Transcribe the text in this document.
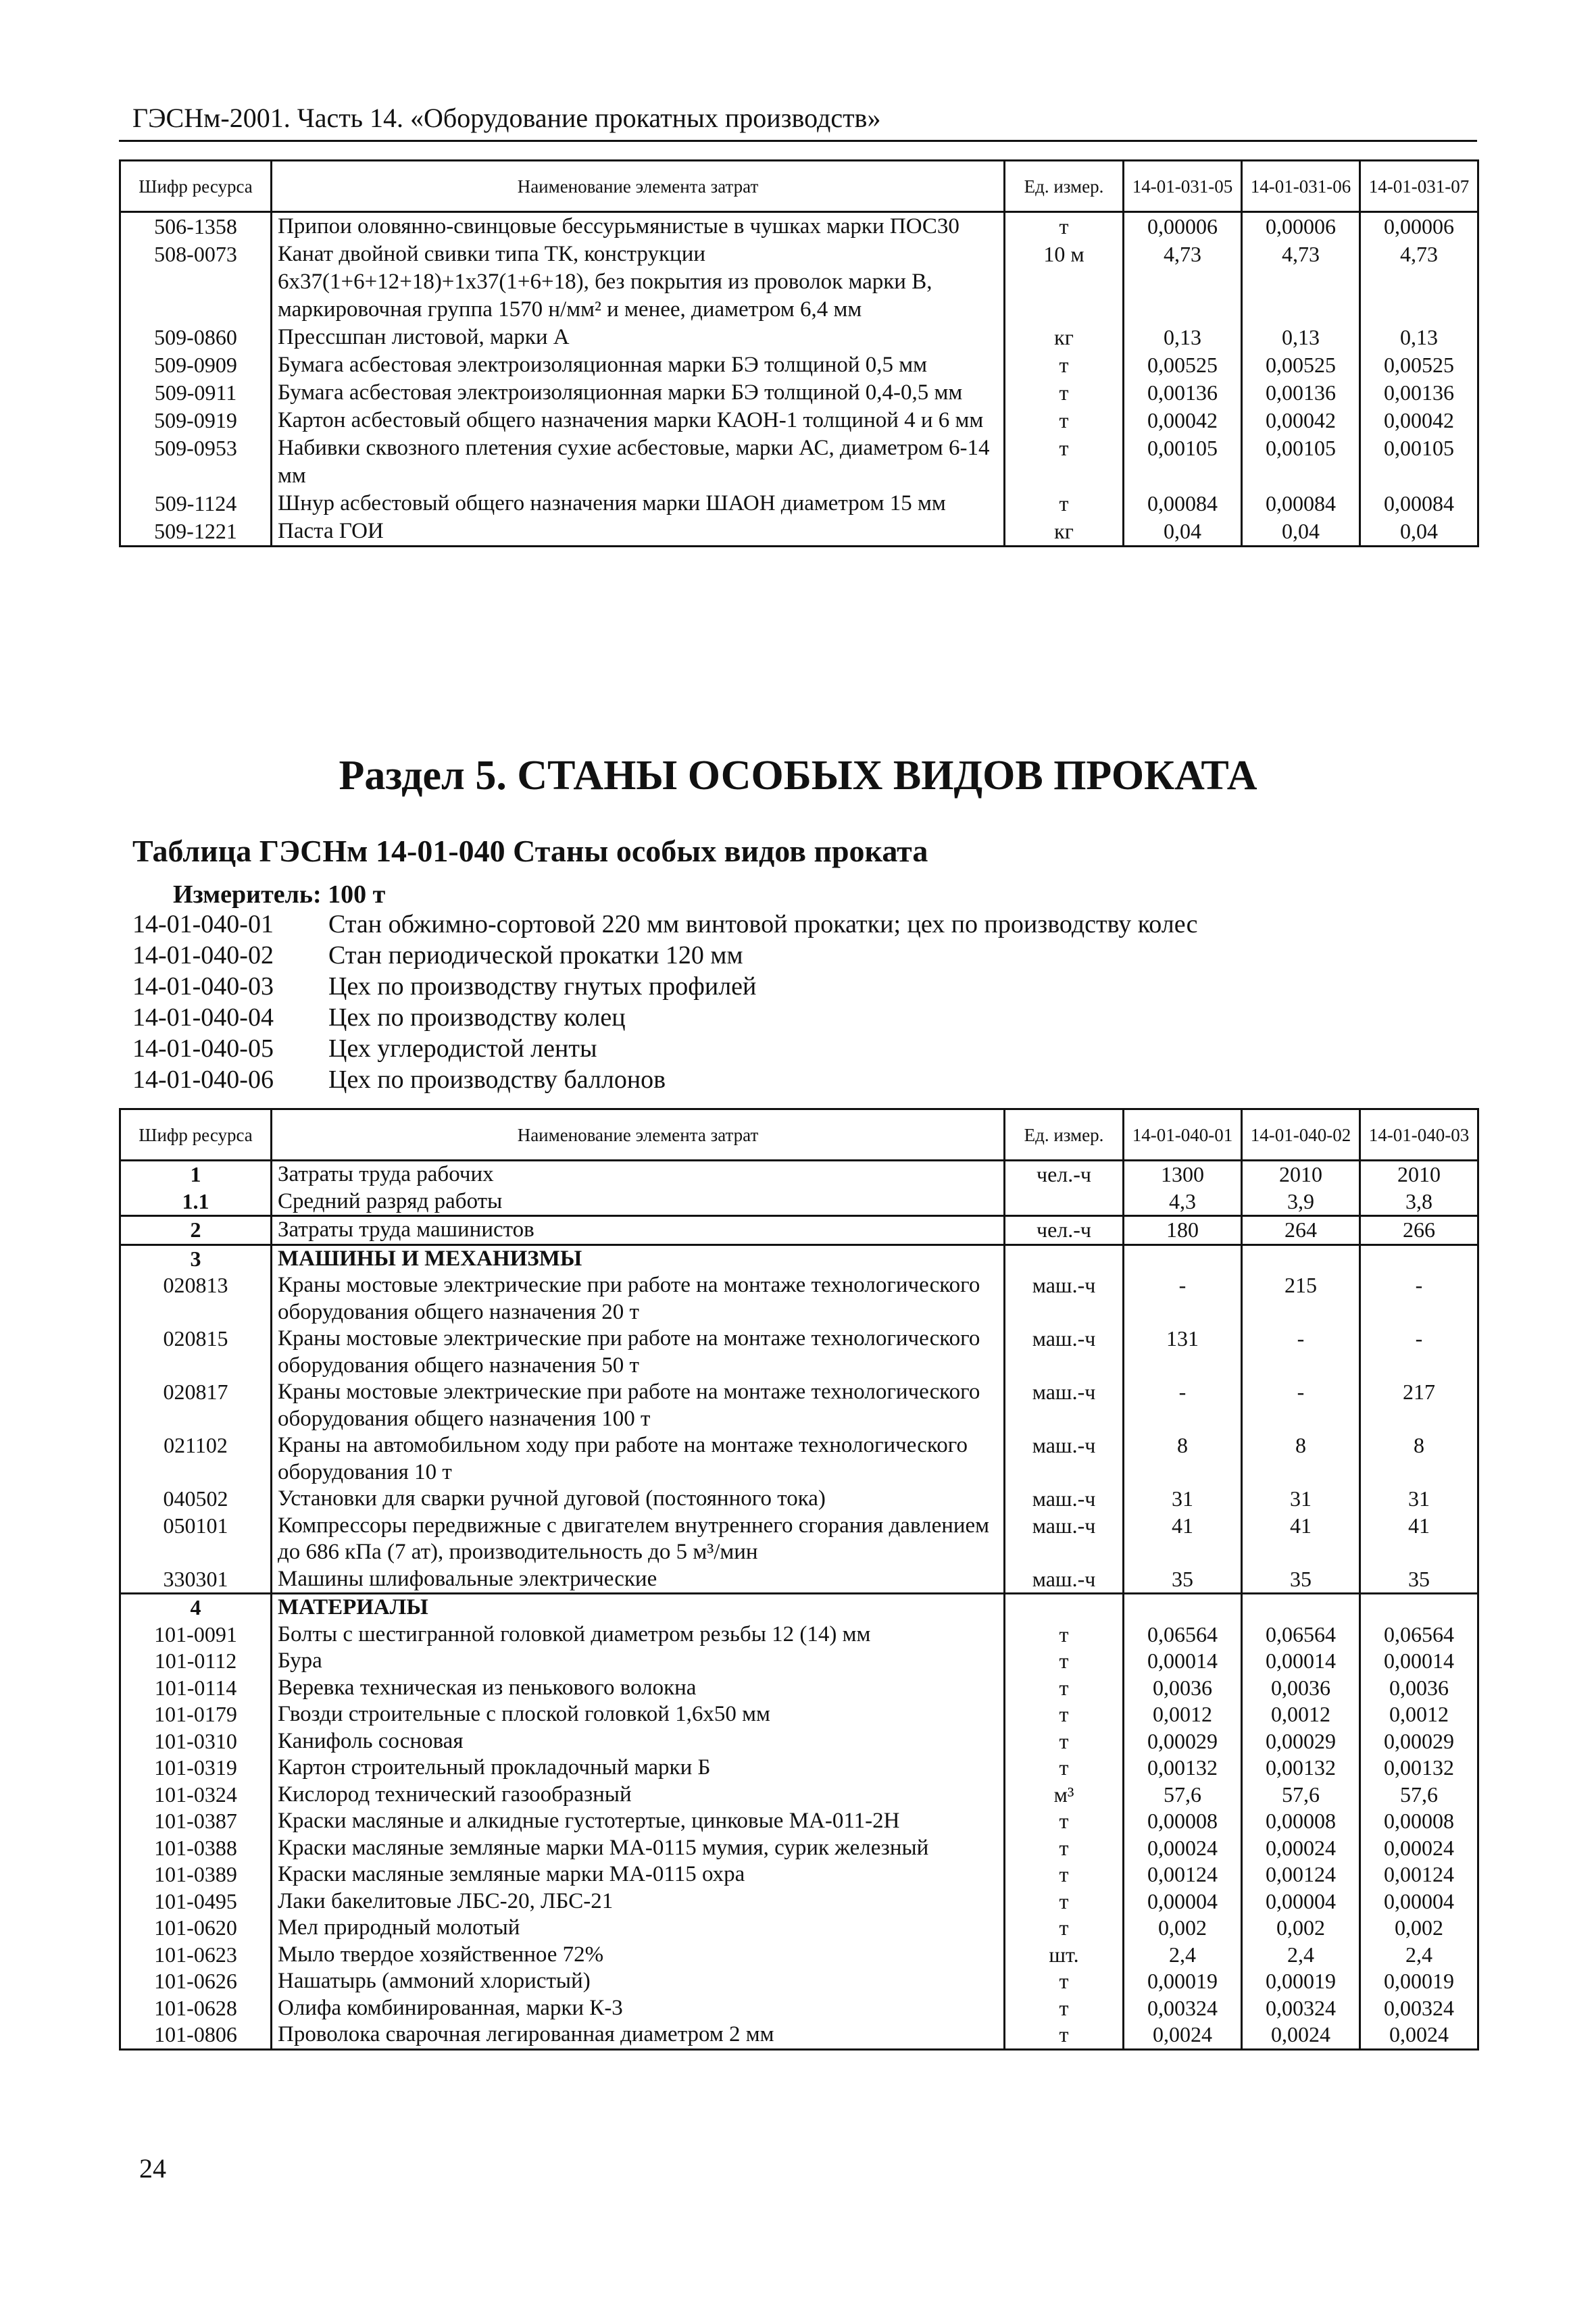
ГЭСНм-2001. Часть 14. «Оборудование прокатных производств»
Шифр ресурса	Наименование элемента затрат	Ед. измер.	14-01-031-05	14-01-031-06	14-01-031-07
506-1358	Припои оловянно-свинцовые бессурьмянистые в чушках марки ПОС30	т	0,00006	0,00006	0,00006
508-0073	Канат двойной свивки типа ТК, конструкции 6x37(1+6+12+18)+1x37(1+6+18), без покрытия из проволок марки В, маркировочная группа 1570 н/мм² и менее, диаметром 6,4 мм	10 м	4,73	4,73	4,73
509-0860	Прессшпан листовой, марки А	кг	0,13	0,13	0,13
509-0909	Бумага асбестовая электроизоляционная марки БЭ толщиной 0,5 мм	т	0,00525	0,00525	0,00525
509-0911	Бумага асбестовая электроизоляционная марки БЭ толщиной 0,4-0,5 мм	т	0,00136	0,00136	0,00136
509-0919	Картон асбестовый общего назначения марки КАОН-1 толщиной 4 и 6 мм	т	0,00042	0,00042	0,00042
509-0953	Набивки сквозного плетения сухие асбестовые, марки АС, диаметром 6-14 мм	т	0,00105	0,00105	0,00105
509-1124	Шнур асбестовый общего назначения марки ШАОН диаметром 15 мм	т	0,00084	0,00084	0,00084
509-1221	Паста ГОИ	кг	0,04	0,04	0,04
Раздел 5. СТАНЫ ОСОБЫХ ВИДОВ ПРОКАТА
Таблица ГЭСНм 14-01-040 Станы особых видов проката
Измеритель: 100 т
14-01-040-01 Стан обжимно-сортовой 220 мм винтовой прокатки; цех по производству колес
14-01-040-02 Стан периодической прокатки 120 мм
14-01-040-03 Цех по производству гнутых профилей
14-01-040-04 Цех по производству колец
14-01-040-05 Цех углеродистой ленты
14-01-040-06 Цех по производству баллонов
Шифр ресурса	Наименование элемента затрат	Ед. измер.	14-01-040-01	14-01-040-02	14-01-040-03
1	Затраты труда рабочих	чел.-ч	1300	2010	2010
1.1	Средний разряд работы		4,3	3,9	3,8
2	Затраты труда машинистов	чел.-ч	180	264	266
3	МАШИНЫ И МЕХАНИЗМЫ				
020813	Краны мостовые электрические при работе на монтаже технологического оборудования общего назначения 20 т	маш.-ч	-	215	-
020815	Краны мостовые электрические при работе на монтаже технологического оборудования общего назначения 50 т	маш.-ч	131	-	-
020817	Краны мостовые электрические при работе на монтаже технологического оборудования общего назначения 100 т	маш.-ч	-	-	217
021102	Краны на автомобильном ходу при работе на монтаже технологического оборудования 10 т	маш.-ч	8	8	8
040502	Установки для сварки ручной дуговой (постоянного тока)	маш.-ч	31	31	31
050101	Компрессоры передвижные с двигателем внутреннего сгорания давлением до 686 кПа (7 ат), производительность до 5 м³/мин	маш.-ч	41	41	41
330301	Машины шлифовальные электрические	маш.-ч	35	35	35
4	МАТЕРИАЛЫ				
101-0091	Болты с шестигранной головкой диаметром резьбы 12 (14) мм	т	0,06564	0,06564	0,06564
101-0112	Бура	т	0,00014	0,00014	0,00014
101-0114	Веревка техническая из пенькового волокна	т	0,0036	0,0036	0,0036
101-0179	Гвозди строительные с плоской головкой 1,6x50 мм	т	0,0012	0,0012	0,0012
101-0310	Канифоль сосновая	т	0,00029	0,00029	0,00029
101-0319	Картон строительный прокладочный марки Б	т	0,00132	0,00132	0,00132
101-0324	Кислород технический газообразный	м³	57,6	57,6	57,6
101-0387	Краски масляные и алкидные густотертые, цинковые МА-011-2Н	т	0,00008	0,00008	0,00008
101-0388	Краски масляные земляные марки МА-0115 мумия, сурик железный	т	0,00024	0,00024	0,00024
101-0389	Краски масляные земляные марки МА-0115 охра	т	0,00124	0,00124	0,00124
101-0495	Лаки бакелитовые ЛБС-20, ЛБС-21	т	0,00004	0,00004	0,00004
101-0620	Мел природный молотый	т	0,002	0,002	0,002
101-0623	Мыло твердое хозяйственное 72%	шт.	2,4	2,4	2,4
101-0626	Нашатырь (аммоний хлористый)	т	0,00019	0,00019	0,00019
101-0628	Олифа комбинированная, марки К-3	т	0,00324	0,00324	0,00324
101-0806	Проволока сварочная легированная диаметром 2 мм	т	0,0024	0,0024	0,0024
24
